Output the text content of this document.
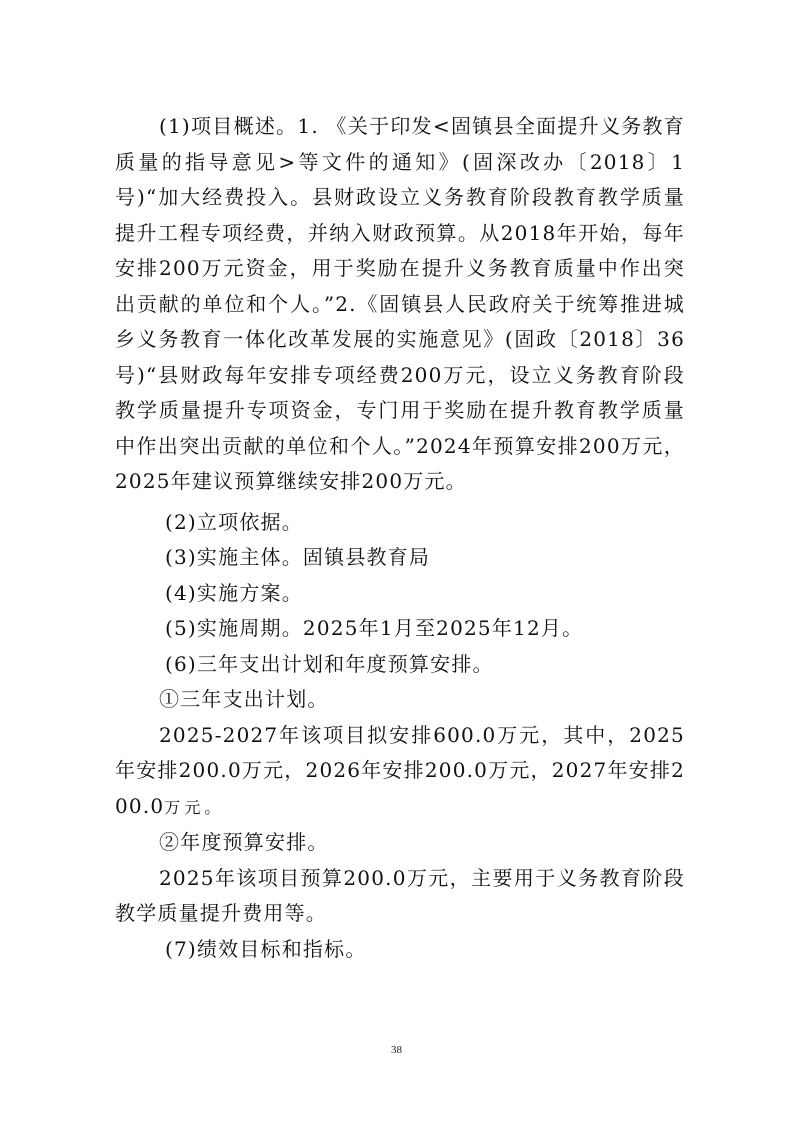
(1)项目概述。1. 《关于印发<固镇县全面提升义务教育质量的指导意见>等文件的通知》(固深改办〔2018〕1号)“加大经费投入。县财政设立义务教育阶段教育教学质量提升工程专项经费，并纳入财政预算。从2018年开始，每年安排200万元资金，用于奖励在提升义务教育质量中作出突出贡献的单位和个人。”2.《固镇县人民政府关于统筹推进城乡义务教育一体化改革发展的实施意见》(固政〔2018〕36号)“县财政每年安排专项经费200万元，设立义务教育阶段教学质量提升专项资金，专门用于奖励在提升教育教学质量中作出突出贡献的单位和个人。”2024年预算安排200万元，2025年建议预算继续安排200万元。

(2)立项依据。

(3)实施主体。固镇县教育局

(4)实施方案。

(5)实施周期。2025年1月至2025年12月。

(6)三年支出计划和年度预算安排。

①三年支出计划。

2025-2027年该项目拟安排600.0万元，其中，2025年安排200.0万元，2026年安排200.0万元，2027年安排200.0万元。

②年度预算安排。

2025年该项目预算200.0万元，主要用于义务教育阶段教学质量提升费用等。

(7)绩效目标和指标。

38
